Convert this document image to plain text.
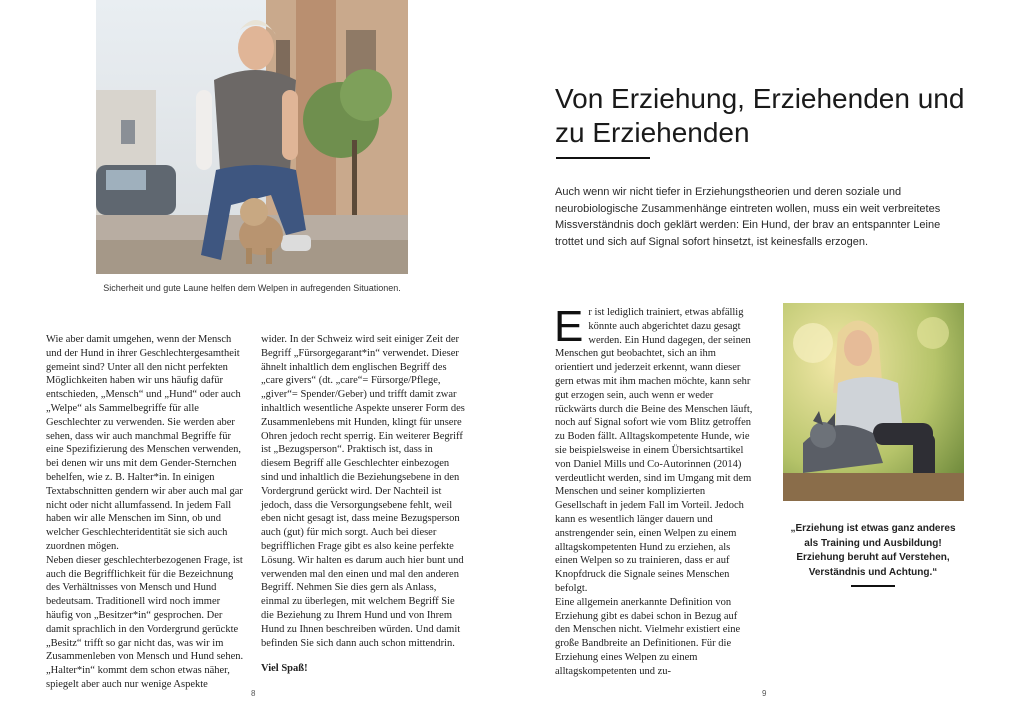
Sicherheit und gute Laune helfen dem Welpen in aufregenden Situationen.

Wie aber damit umgehen, wenn der Mensch und der Hund in ihrer Geschlechtergesamtheit gemeint sind? Unter all den nicht perfekten Möglichkeiten haben wir uns häufig dafür entschieden, „Mensch“ und „Hund“ oder auch „Welpe“ als Sammelbegriffe für alle Geschlechter zu verwenden. Sie werden aber sehen, dass wir auch manchmal Begriffe für eine Spezifizierung des Menschen verwenden, bei denen wir uns mit dem Gender-Sternchen behelfen, wie z. B. Halter*in. In einigen Textabschnitten gendern wir aber auch mal gar nicht oder nicht allumfassend. In jedem Fall haben wir alle Menschen im Sinn, ob und welcher Geschlechteridentität sie sich auch zuordnen mögen.

Neben dieser geschlechterbezogenen Frage, ist auch die Begrifflichkeit für die Bezeichnung des Verhältnisses von Mensch und Hund bedeutsam. Traditionell wird noch immer häufig von „Besitzer*in“ gesprochen. Der damit sprachlich in den Vordergrund gerückte „Besitz“ trifft so gar nicht das, was wir im Zusammenleben von Mensch und Hund sehen. „Halter*in“ kommt dem schon etwas näher, spiegelt aber auch nur wenige Aspekte

wider. In der Schweiz wird seit einiger Zeit der Begriff „Fürsorgegarant*in“ verwendet. Dieser ähnelt inhaltlich dem englischen Begriff des „care givers“ (dt. „care“= Fürsorge/Pflege, „giver“= Spender/Geber) und trifft damit zwar inhaltlich wesentliche Aspekte unserer Form des Zusammenlebens mit Hunden, klingt für unsere Ohren jedoch recht sperrig. Ein weiterer Begriff ist „Bezugsperson“. Praktisch ist, dass in diesem Begriff alle Geschlechter einbezogen sind und inhaltlich die Beziehungsebene in den Vordergrund gerückt wird. Der Nachteil ist jedoch, dass die Versorgungsebene fehlt, weil eben nicht gesagt ist, dass meine Bezugsperson auch (gut) für mich sorgt. Auch bei dieser begrifflichen Frage gibt es also keine perfekte Lösung. Wir halten es darum auch hier bunt und verwenden mal den einen und mal den anderen Begriff. Nehmen Sie dies gern als Anlass, einmal zu überlegen, mit welchem Begriff Sie die Beziehung zu Ihrem Hund und von Ihrem Hund zu Ihnen beschreiben würden. Und damit befinden Sie sich dann auch schon mittendrin.

Viel Spaß!

8
Von Erziehung, Erziehenden und zu Erziehenden

Auch wenn wir nicht tiefer in Erziehungstheorien und deren soziale und neurobiologische Zusammenhänge eintreten wollen, muss ein weit verbreitetes Missverständnis doch geklärt werden: Ein Hund, der brav an entspannter Leine trottet und sich auf Signal sofort hinsetzt, ist keinesfalls erzogen.

Er ist lediglich trainiert, etwas abfällig könnte auch abgerichtet dazu gesagt werden. Ein Hund dagegen, der seinen Menschen gut beobachtet, sich an ihm orientiert und jederzeit erkennt, wann dieser gern etwas mit ihm machen möchte, kann sehr gut erzogen sein, auch wenn er weder rückwärts durch die Beine des Menschen läuft, noch auf Signal sofort wie vom Blitz getroffen zu Boden fällt. Alltagskompetente Hunde, wie sie beispielsweise in einem Übersichtsartikel von Daniel Mills und Co-Autorinnen (2014) verdeutlicht werden, sind im Umgang mit dem Menschen und seiner komplizierten Gesellschaft in jedem Fall im Vorteil. Jedoch kann es wesentlich länger dauern und anstrengender sein, einen Welpen zu einem alltagskompetenten Hund zu erziehen, als einen Welpen so zu trainieren, dass er auf Knopfdruck die Signale seines Menschen befolgt.

Eine allgemein anerkannte Definition von Erziehung gibt es dabei schon in Bezug auf den Menschen nicht. Vielmehr existiert eine große Bandbreite an Definitionen. Für die Erziehung eines Welpen zu einem alltagskompetenten und zu-

„Erziehung ist etwas ganz anderes als Training und Ausbildung! Erziehung beruht auf Verstehen, Verständnis und Achtung.“

9
